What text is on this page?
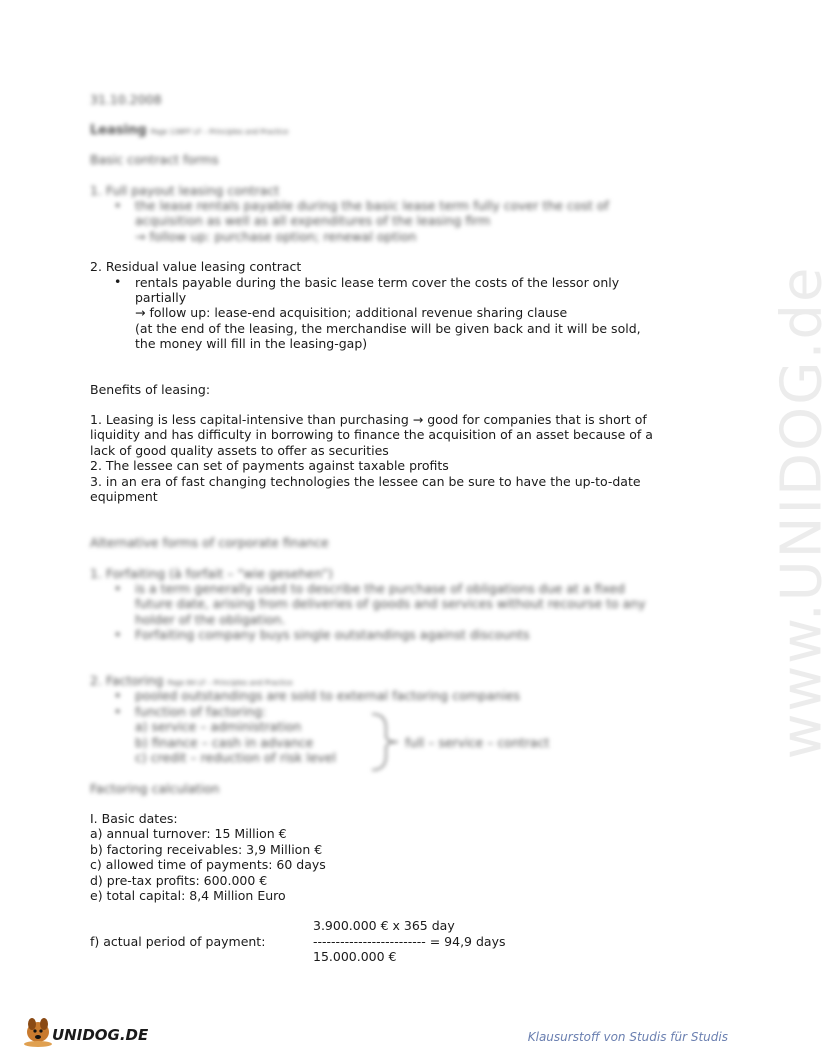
www.UNIDOG.de
31.10.2008
Leasing Page 138FF LF – Principles and Practice
Basic contract forms
1. Full payout leasing contract
• the lease rentals payable during the basic lease term fully cover the cost of
acquisition as well as all expenditures of the leasing firm
→ follow up: purchase option; renewal option
2. Residual value leasing contract
• rentals payable during the basic lease term cover the costs of the lessor only
partially
→ follow up: lease-end acquisition; additional revenue sharing clause
(at the end of the leasing, the merchandise will be given back and it will be sold,
the money will fill in the leasing-gap)
Benefits of leasing:
1. Leasing is less capital-intensive than purchasing → good for companies that is short of
liquidity and has difficulty in borrowing to finance the acquisition of an asset because of a
lack of good quality assets to offer as securities
2. The lessee can set of payments against taxable profits
3. in an era of fast changing technologies the lessee can be sure to have the up-to-date
equipment
Alternative forms of corporate finance
1. Forfaiting (à forfait – “wie gesehen”)
• is a term generally used to describe the purchase of obligations due at a fixed
future date, arising from deliveries of goods and services without recourse to any
holder of the obligation.
• Forfaiting company buys single outstandings against discounts
2. Factoring Page 84 LF – Principles and Practice
• pooled outstandings are sold to external factoring companies
• function of factoring:
a) service – administration
b) finance – cash in advance
c) credit – reduction of risk level
full – service – contract
Factoring calculation
I. Basic dates:
a) annual turnover: 15 Million €
b) factoring receivables: 3,9 Million €
c) allowed time of payments: 60 days
d) pre-tax profits: 600.000 €
e) total capital: 8,4 Million Euro
3.900.000 € x 365 day
f) actual period of payment:	------------------------- = 94,9 days
15.000.000 €
UNIDOG.DE	Klausurstoff von Studis für Studis
